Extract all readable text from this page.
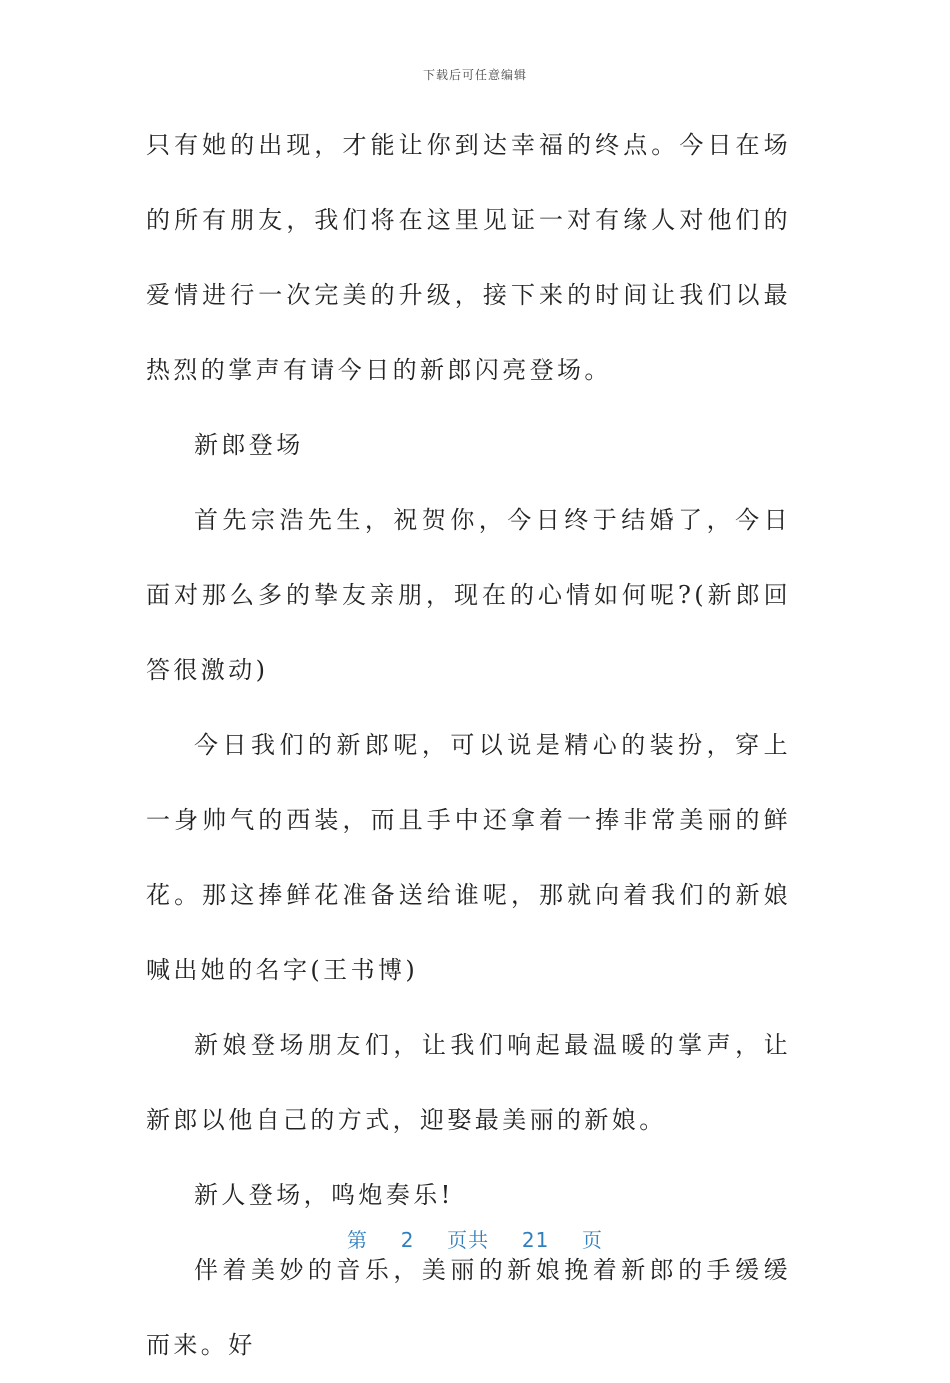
下载后可任意编辑

只有她的出现，才能让你到达幸福的终点。今日在场的所有朋友，我们将在这里见证一对有缘人对他们的爱情进行一次完美的升级，接下来的时间让我们以最热烈的掌声有请今日的新郎闪亮登场。

新郎登场

首先宗浩先生，祝贺你，今日终于结婚了，今日面对那么多的挚友亲朋，现在的心情如何呢?(新郎回答很激动)

今日我们的新郎呢，可以说是精心的装扮，穿上一身帅气的西装，而且手中还拿着一捧非常美丽的鲜花。那这捧鲜花准备送给谁呢，那就向着我们的新娘喊出她的名字(王书博)

新娘登场朋友们，让我们响起最温暖的掌声，让新郎以他自己的方式，迎娶最美丽的新娘。

新人登场，鸣炮奏乐!

伴着美妙的音乐，美丽的新娘挽着新郎的手缓缓而来。好

第 2 页共 21 页
